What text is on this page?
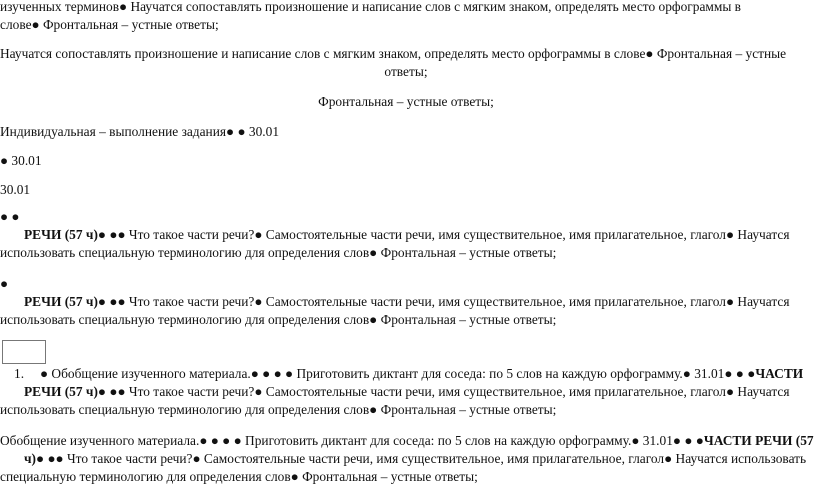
изученных терминов● Научатся сопоставлять произношение и написание слов с мягким знаком, определять место орфограммы в
слове● Фронтальная – устные ответы;
Научатся сопоставлять произношение и написание слов с мягким знаком, определять место орфограммы в слове● Фронтальная – устные
ответы;
Фронтальная – устные ответы;
Индивидуальная – выполнение задания● ● 30.01
● 30.01
30.01
● ●
РЕЧИ (57 ч)● ●● Что такое части речи?● Самостоятельные части речи, имя существительное, имя прилагательное, глагол● Научатся
использовать специальную терминологию для определения слов● Фронтальная – устные ответы;
●
РЕЧИ (57 ч)● ●● Что такое части речи?● Самостоятельные части речи, имя существительное, имя прилагательное, глагол● Научатся
использовать специальную терминологию для определения слов● Фронтальная – устные ответы;
1. ● Обобщение изученного материала.● ● ● ● Приготовить диктант для соседа: по 5 слов на каждую орфограмму.● 31.01● ● ●ЧАСТИ
РЕЧИ (57 ч)● ●● Что такое части речи?● Самостоятельные части речи, имя существительное, имя прилагательное, глагол● Научатся
использовать специальную терминологию для определения слов● Фронтальная – устные ответы;
Обобщение изученного материала.● ● ● ● Приготовить диктант для соседа: по 5 слов на каждую орфограмму.● 31.01● ● ●ЧАСТИ РЕЧИ (57
ч)● ●● Что такое части речи?● Самостоятельные части речи, имя существительное, имя прилагательное, глагол● Научатся использовать
специальную терминологию для определения слов● Фронтальная – устные ответы;
